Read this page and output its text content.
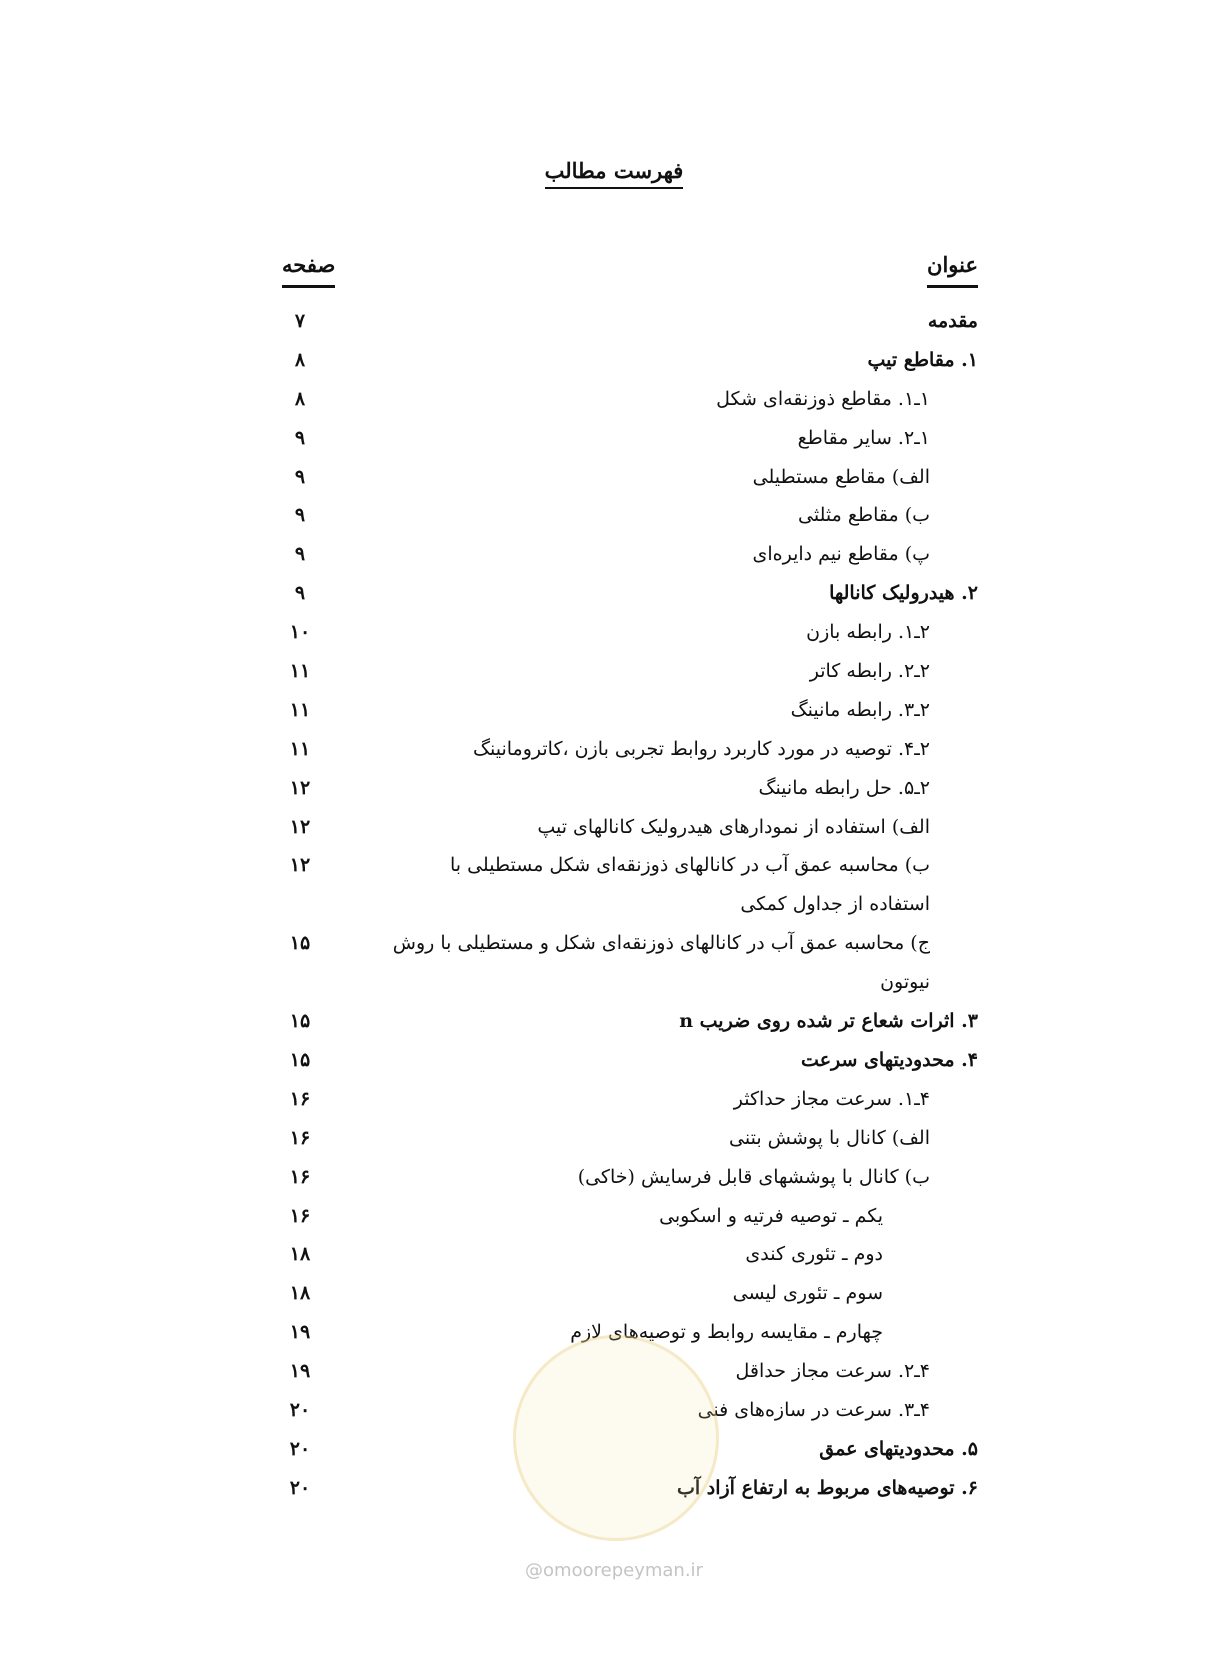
فهرست مطالب
عنوان
صفحه
مقدمه
۷
۱. مقاطع تیپ
۸
۱ـ۱. مقاطع ذوزنقه‌ای شکل
۸
۱ـ۲. سایر مقاطع
۹
الف) مقاطع مستطیلی
۹
ب) مقاطع مثلثی
۹
پ) مقاطع نیم دایره‌ای
۹
۲. هیدرولیک کانالها
۹
۲ـ۱. رابطه بازن
۱۰
۲ـ۲. رابطه کاتر
۱۱
۲ـ۳. رابطه مانینگ
۱۱
۲ـ۴. توصیه در مورد کاربرد روابط تجربی بازن ،کاترومانینگ
۱۱
۲ـ۵. حل رابطه مانینگ
۱۲
الف) استفاده از نمودارهای هیدرولیک کانالهای تیپ
۱۲
ب) محاسبه عمق آب در کانالهای ذوزنقه‌ای شکل مستطیلی با استفاده از جداول کمکی
۱۲
ج) محاسبه عمق آب در کانالهای ذوزنقه‌ای شکل و مستطیلی با روش نیوتون
۱۵
۳. اثرات شعاع تر شده روی ضریب n
۱۵
۴. محدودیتهای سرعت
۱۵
۴ـ۱. سرعت مجاز حداکثر
۱۶
الف) کانال با پوشش بتنی
۱۶
ب) کانال با پوششهای قابل فرسایش (خاکی)
۱۶
یکم ـ توصیه فرتیه و اسکوبی
۱۶
دوم ـ تئوری کندی
۱۸
سوم ـ تئوری لیسی
۱۸
چهارم ـ مقایسه روابط و توصیه‌های لازم
۱۹
۴ـ۲. سرعت مجاز حداقل
۱۹
۴ـ۳. سرعت در سازه‌های فنی
۲۰
۵. محدودیتهای عمق
۲۰
۶. توصیه‌های مربوط به ارتفاع آزاد آب
۲۰
@omoorepeyman.ir
